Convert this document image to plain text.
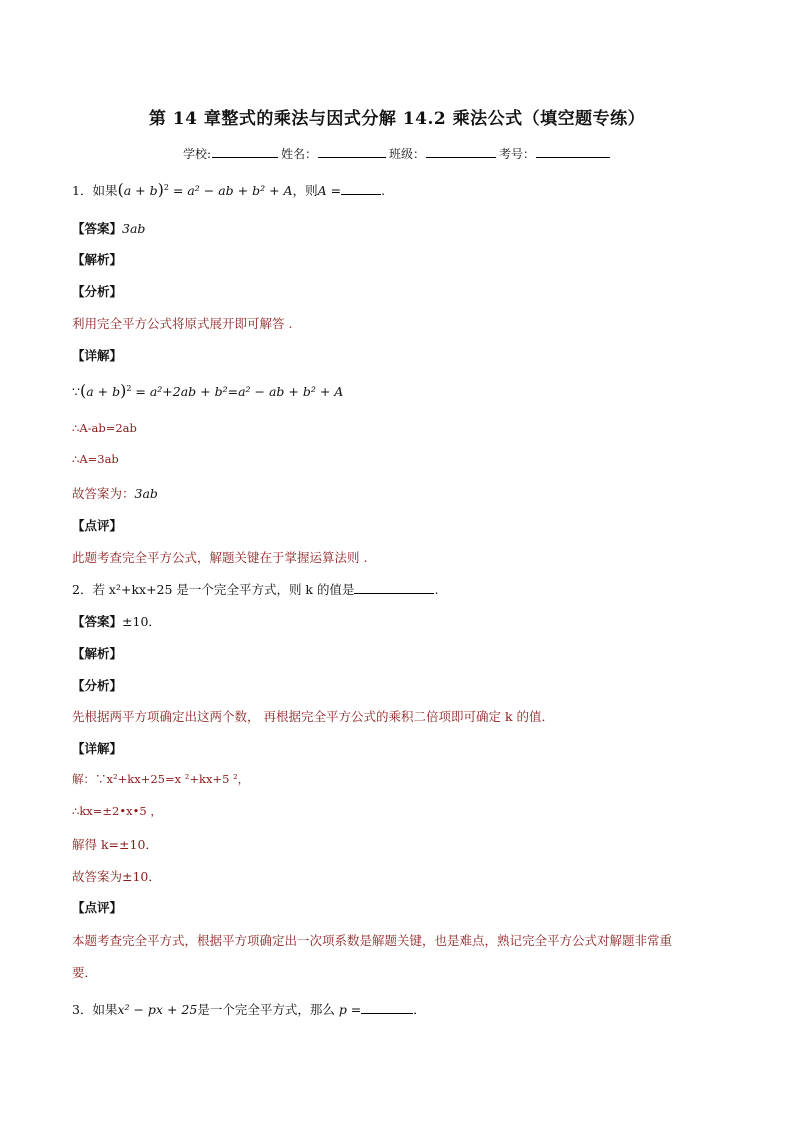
第 14 章整式的乘法与因式分解 14.2 乘法公式（填空题专练）
学校:	姓名：	班级：	考号：
1．如果$(a + b)^2 = a^2$ − ab + b² + A，则A =	.
【答案】3ab
【解析】
【分析】
利用完全平方公式将原式展开即可解答 .
【详解】
∵(a + b)$^2$ = a²+2ab + b²=a² − ab + b² + A
∴A-ab=2ab
∴A=3ab
故答案为：3ab
【点评】
此题考查完全平方公式，解题关键在于掌握运算法则 .
2．若 x²+kx+25 是一个完全平方式，则 k 的值是	.
【答案】±10．
【解析】
【分析】
先根据两平方项确定出这两个数， 再根据完全平方公式的乘积二倍项即可确定 k 的值．
【详解】
解：∵x²+kx+25=x ²+kx+5 ²，
∴kx=±2•x•5 ，
解得 k=±10．
故答案为±10．
【点评】
本题考查完全平方式，根据平方项确定出一次项系数是解题关键，也是难点，熟记完全平方公式对解题非常重
要．
3．如果x² − px + 25是一个完全平方式，那么 p =	．
